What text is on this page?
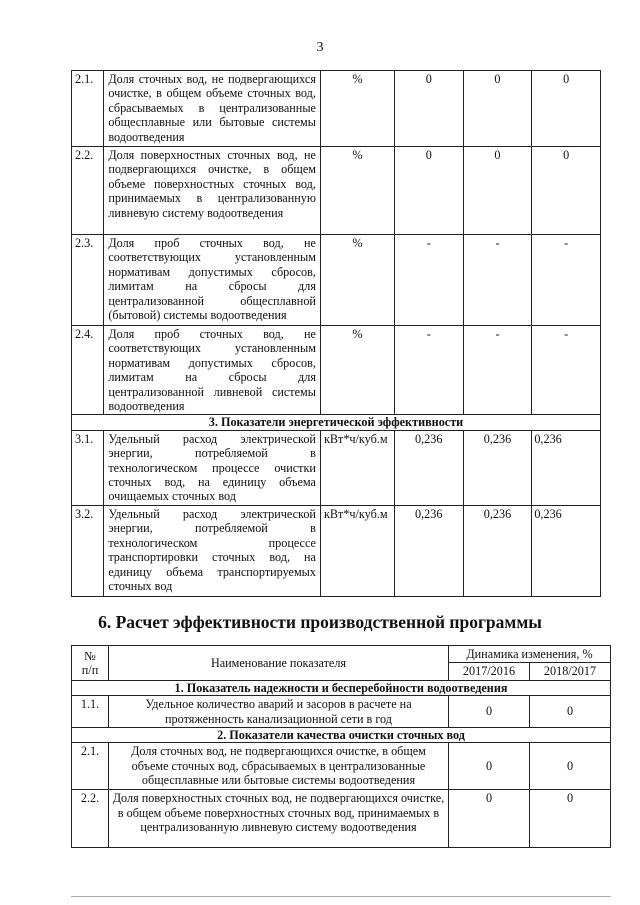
3
2.1.	Доля сточных вод, не подвергающихся очистке, в общем объеме сточных вод, сбрасываемых в централизованные общесплавные или бытовые системы водоотведения	%	0	0	0
2.2.	Доля поверхностных сточных вод, не подвергающихся очистке, в общем объеме поверхностных сточных вод, принимаемых в централизованную ливневую систему водоотведения	%	0	0	0
2.3.	Доля проб сточных вод, не соответствующих установленным нормативам допустимых сбросов, лимитам на сбросы для централизованной общесплавной (бытовой) системы водоотведения	%	-	-	-
2.4.	Доля проб сточных вод, не соответствующих установленным нормативам допустимых сбросов, лимитам на сбросы для централизованной ливневой системы водоотведения	%	-	-	-
3. Показатели энергетической эффективности					
3.1.	Удельный расход электрической энергии, потребляемой в технологическом процессе очистки сточных вод, на единицу объема очищаемых сточных вод	кВт*ч/куб.м	0,236	0,236	0,236
3.2.	Удельный расход электрической энергии, потребляемой в технологическом процессе транспортировки сточных вод, на единицу объема транспортируемых сточных вод	кВт*ч/куб.м	0,236	0,236	0,236
6. Расчет эффективности производственной программы
№
п/п	Наименование показателя	Динамика изменения, %	
		2017/2016	2018/2017
1. Показатель надежности и бесперебойности водоотведения			
1.1.	Удельное количество аварий и засоров в расчете на протяженность канализационной сети в год	0	0
2. Показатели качества очистки сточных вод			
2.1.	Доля сточных вод, не подвергающихся очистке, в общем объеме сточных вод, сбрасываемых в централизованные общесплавные или бытовые системы водоотведения	0	0
2.2.	Доля поверхностных сточных вод, не подвергающихся очистке, в общем объеме поверхностных сточных вод, принимаемых в централизованную ливневую систему водоотведения	0	0
